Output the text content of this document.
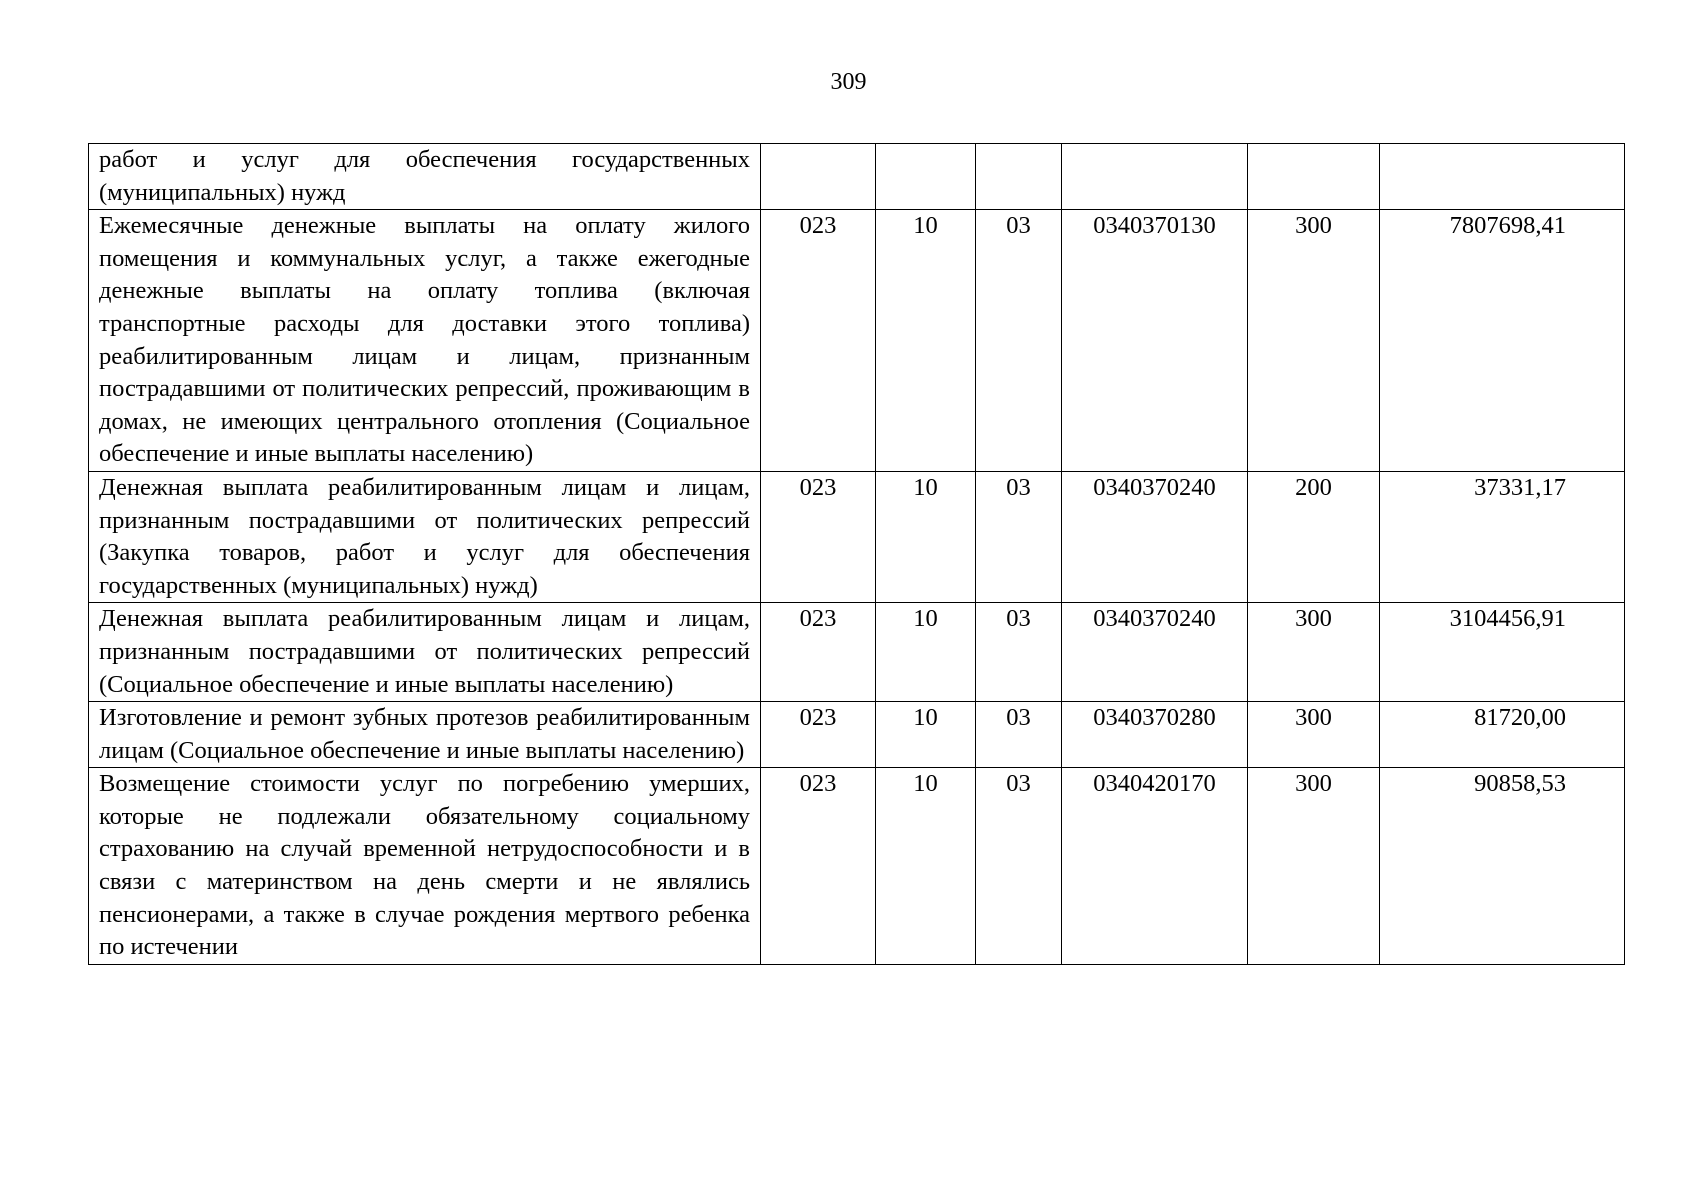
309
работ и услуг для обеспечения государственных (муниципальных) нужд						

Ежемесячные денежные выплаты на оплату жилого помещения и коммунальных услуг, а также ежегодные денежные выплаты на оплату топлива (включая транспортные расходы для доставки этого топлива) реабилитированным лицам и лицам, признанным пострадавшими от политических репрессий, проживающим в домах, не имеющих центрального отопления (Социальное обеспечение и иные выплаты населению)	023	10	03	0340370130	300	7807698,41

Денежная выплата реабилитированным лицам и лицам, признанным пострадавшими от политических репрессий (Закупка товаров, работ и услуг для обеспечения государственных (муниципальных) нужд)	023	10	03	0340370240	200	37331,17

Денежная выплата реабилитированным лицам и лицам, признанным пострадавшими от политических репрессий (Социальное обеспечение и иные выплаты населению)	023	10	03	0340370240	300	3104456,91

Изготовление и ремонт зубных протезов реабилитированным лицам (Социальное обеспечение и иные выплаты населению)	023	10	03	0340370280	300	81720,00

Возмещение стоимости услуг по погребению умерших, которые не подлежали обязательному социальному страхованию на случай временной нетрудоспособности и в связи с материнством на день смерти и не являлись пенсионерами, а также в случае рождения мертвого ребенка по истечении	023	10	03	0340420170	300	90858,53
